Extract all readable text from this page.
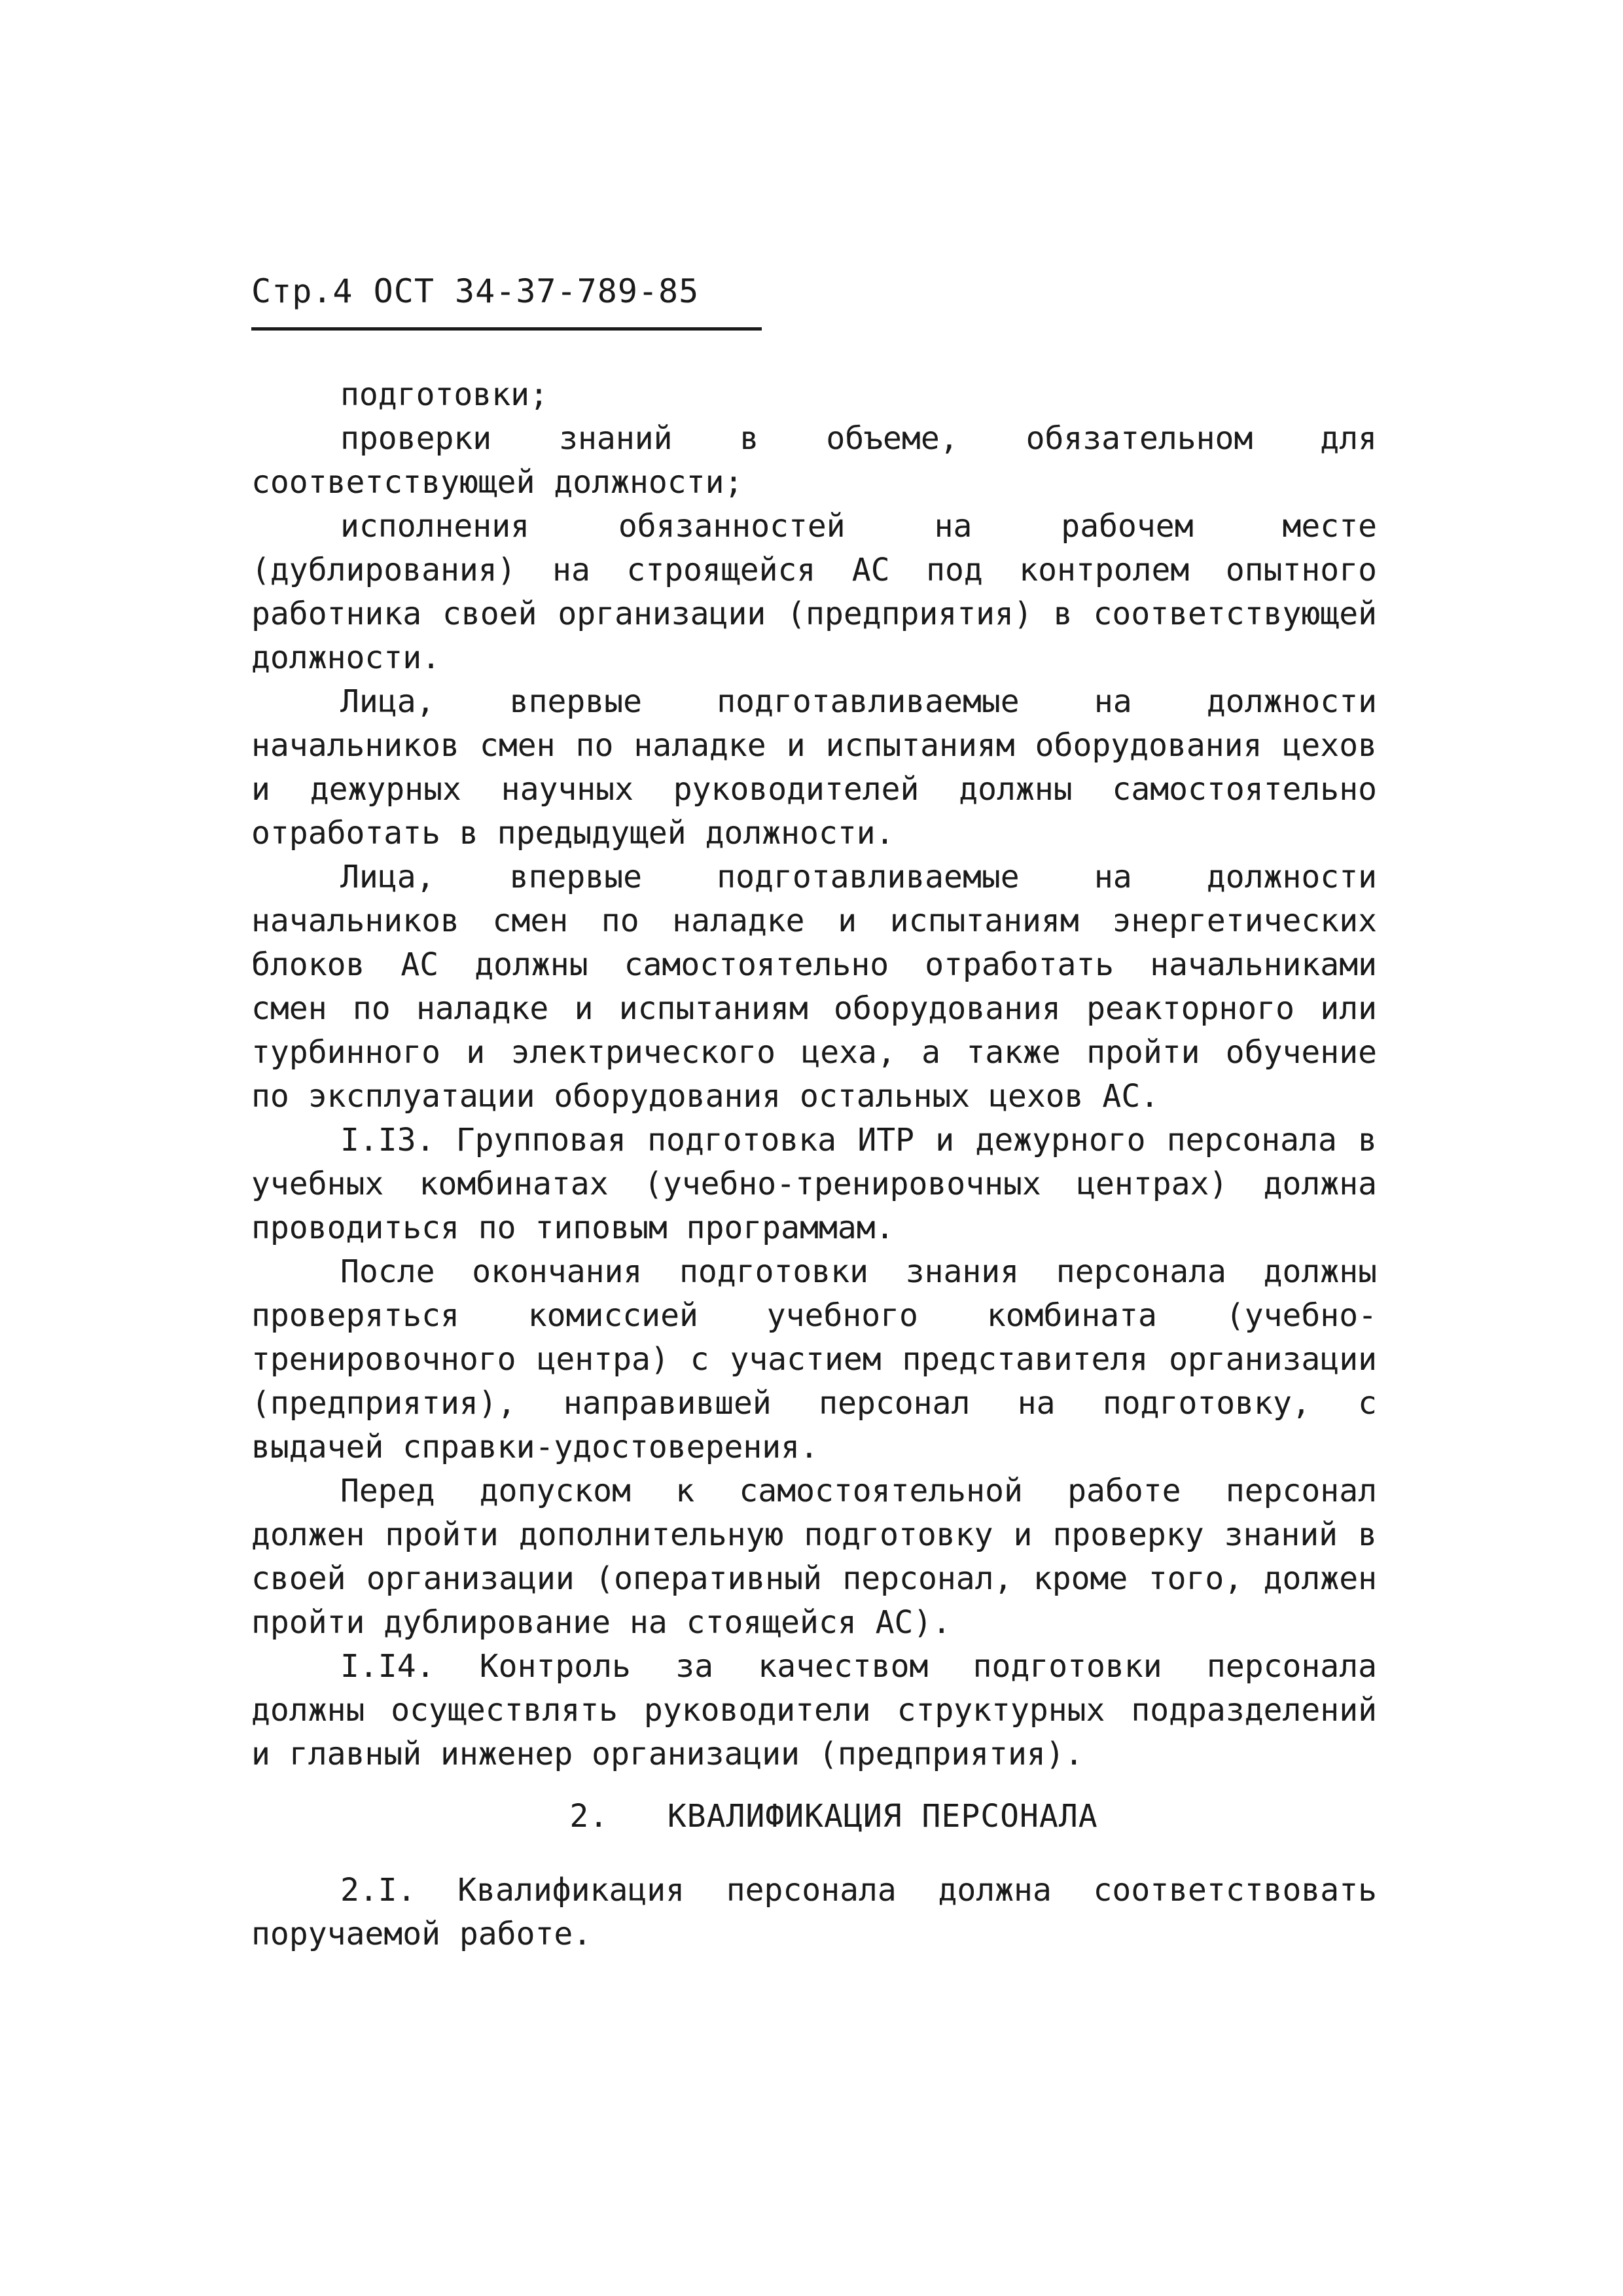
Стр.4 ОСТ 34-37-789-85

подготовки;

проверки знаний в объеме, обязательном для соответствующей должности;

исполнения обязанностей на рабочем месте (дублирования) на строящейся АС под контролем опытного работника своей организации (предприятия) в соответствующей должности.

Лица, впервые подготавливаемые на должности начальников смен по наладке и испытаниям оборудования цехов и дежурных научных руководителей должны самостоятельно отработать в предыдущей должности.

Лица, впервые подготавливаемые на должности начальников смен по наладке и испытаниям энергетических блоков АС должны самостоятельно отработать начальниками смен по наладке и испытаниям оборудования реакторного или турбинного и электрического цеха, а также пройти обучение по эксплуатации оборудования остальных цехов АС.

I.I3. Групповая подготовка ИТР и дежурного персонала в учебных комбинатах (учебно-тренировочных центрах) должна проводиться по типовым программам.

После окончания подготовки знания персонала должны проверяться комиссией учебного комбината (учебно-тренировочного центра) с участием представителя организации (предприятия), направившей персонал на подготовку, с выдачей справки-удостоверения.

Перед допуском к самостоятельной работе персонал должен пройти дополнительную подготовку и проверку знаний в своей организации (оперативный персонал, кроме того, должен пройти дублирование на стоящейся АС).

I.I4. Контроль за качеством подготовки персонала должны осуществлять руководители структурных подразделений и главный инженер организации (предприятия).

2. КВАЛИФИКАЦИЯ ПЕРСОНАЛА

2.I. Квалификация персонала должна соответствовать поручаемой работе.
